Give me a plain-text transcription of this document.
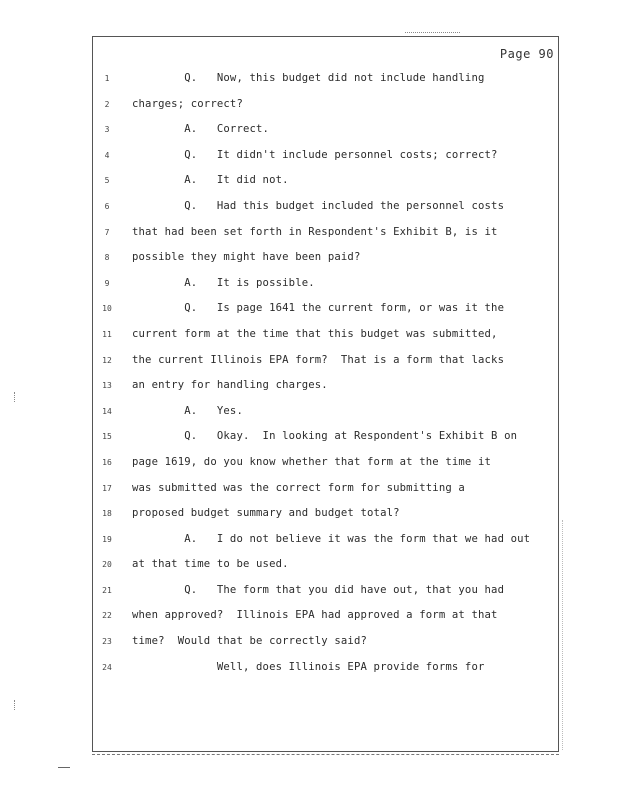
Page 90
1
2
3
4
5
6
7
8
9
10
11
12
13
14
15
16
17
18
19
20
21
22
23
24
Q.   Now, this budget did not include handling
charges; correct?
A.   Correct.
Q.   It didn't include personnel costs; correct?
A.   It did not.
Q.   Had this budget included the personnel costs
that had been set forth in Respondent's Exhibit B, is it
possible they might have been paid?
A.   It is possible.
Q.   Is page 1641 the current form, or was it the
current form at the time that this budget was submitted,
the current Illinois EPA form?  That is a form that lacks
an entry for handling charges.
A.   Yes.
Q.   Okay.  In looking at Respondent's Exhibit B on
page 1619, do you know whether that form at the time it
was submitted was the correct form for submitting a
proposed budget summary and budget total?
A.   I do not believe it was the form that we had out
at that time to be used.
Q.   The form that you did have out, that you had
when approved?  Illinois EPA had approved a form at that
time?  Would that be correctly said?
Well, does Illinois EPA provide forms for
